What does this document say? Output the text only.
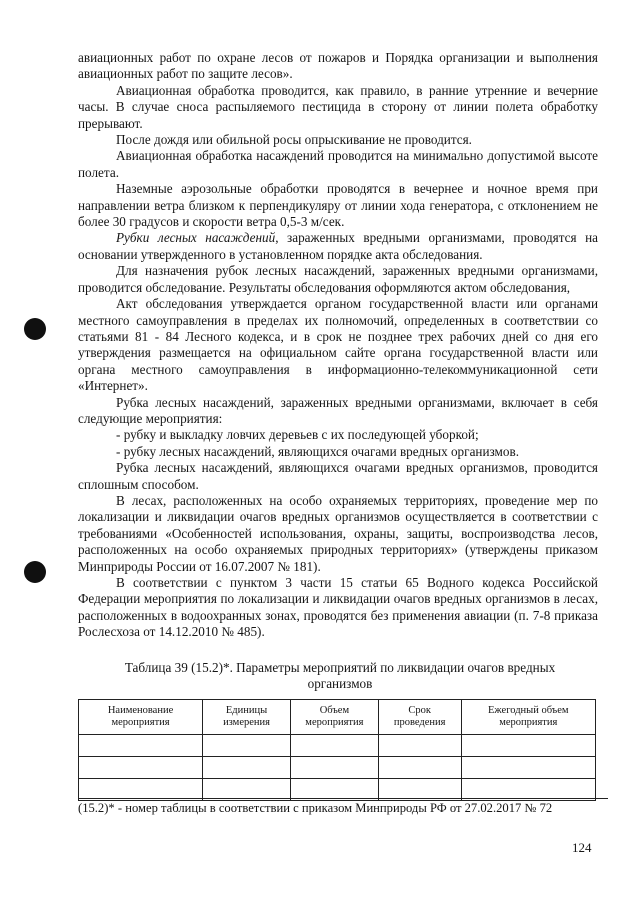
авиационных работ по охране лесов от пожаров и Порядка организации и выполнения авиационных работ по защите лесов».

Авиационная обработка проводится, как правило, в ранние утренние и вечерние часы. В случае сноса распыляемого пестицида в сторону от линии полета обработку прерывают.

После дождя или обильной росы опрыскивание не проводится.

Авиационная обработка насаждений проводится на минимально допустимой высоте полета.

Наземные аэрозольные обработки проводятся в вечернее и ночное время при направлении ветра близком к перпендикуляру от линии хода генератора, с отклонением не более 30 градусов и скорости ветра 0,5-3 м/сек.

Рубки лесных насаждений, зараженных вредными организмами, проводятся на основании утвержденного в установленном порядке акта обследования.

Для назначения рубок лесных насаждений, зараженных вредными организмами, проводится обследование. Результаты обследования оформляются актом обследования,

Акт обследования утверждается органом государственной власти или органами местного самоуправления в пределах их полномочий, определенных в соответствии со статьями 81 - 84 Лесного кодекса, и в срок не позднее трех рабочих дней со дня его утверждения размещается на официальном сайте органа государственной власти или органа местного самоуправления в информационно-телекоммуникационной сети «Интернет».

Рубка лесных насаждений, зараженных вредными организмами, включает в себя следующие мероприятия:

- рубку и выкладку ловчих деревьев с их последующей уборкой;

- рубку лесных насаждений, являющихся очагами вредных организмов.

Рубка лесных насаждений, являющихся очагами вредных организмов, проводится сплошным способом.

В лесах, расположенных на особо охраняемых территориях, проведение мер по локализации и ликвидации очагов вредных организмов осуществляется в соответствии с требованиями «Особенностей использования, охраны, защиты, воспроизводства лесов, расположенных на особо охраняемых природных территориях» (утверждены приказом Минприроды России от 16.07.2007 № 181).

В соответствии с пунктом 3 части 15 статьи 65 Водного кодекса Российской Федерации мероприятия по локализации и ликвидации очагов вредных организмов в лесах, расположенных в водоохранных зонах, проводятся без применения авиации (п. 7-8 приказа Рослесхоза от 14.12.2010 № 485).

Таблица 39 (15.2)*. Параметры мероприятий по ликвидации очагов вредных организмов
Наименование мероприятия	Единицы измерения	Объем мероприятия	Срок проведения	Ежегодный объем мероприятия

(15.2)* - номер таблицы в соответствии с приказом Минприроды РФ от 27.02.2017 № 72
124
